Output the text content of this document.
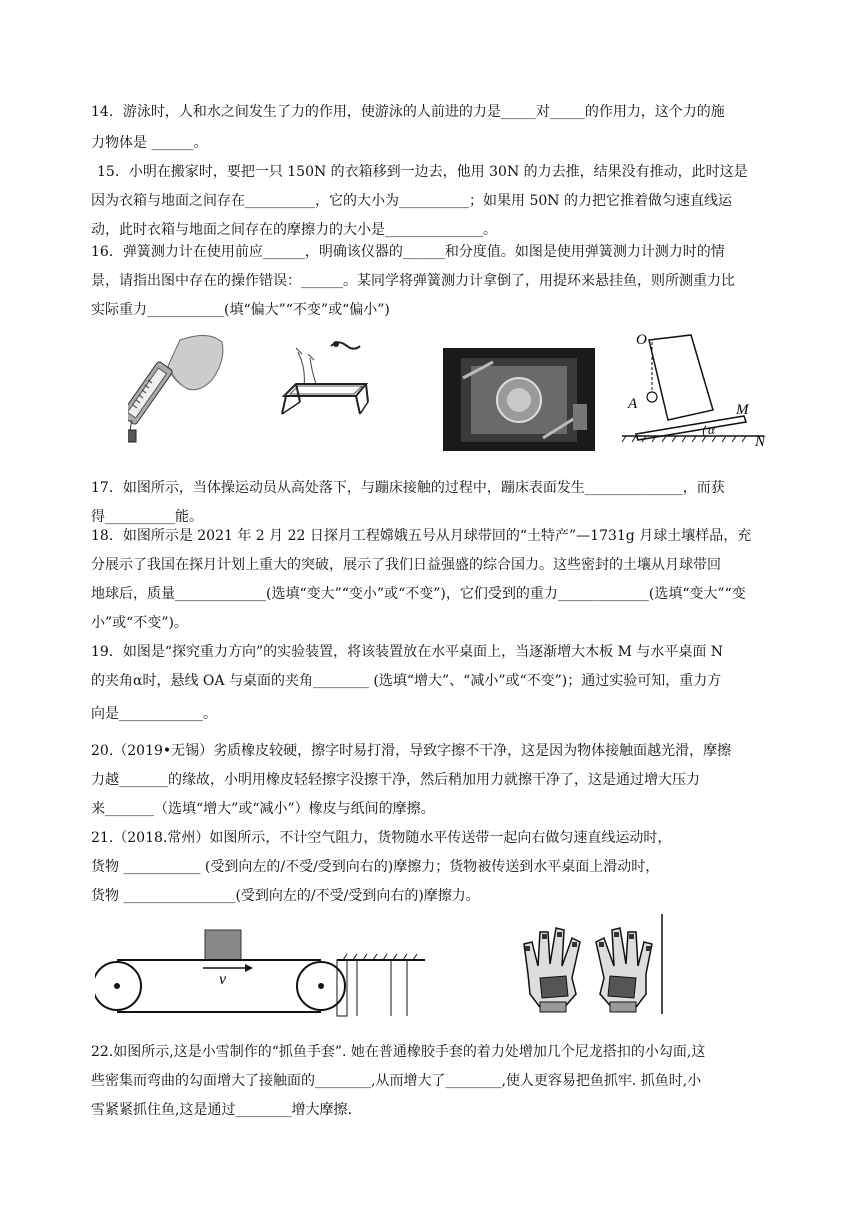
14．游泳时，人和水之间发生了力的作用，使游泳的人前进的力是_____对_____的作用力，这个力的施
力物体是 ______。
15．小明在搬家时，要把一只 150N 的衣箱移到一边去，他用 30N 的力去推，结果没有推动，此时这是
因为衣箱与地面之间存在__________，它的大小为__________；如果用 50N 的力把它推着做匀速直线运
动，此时衣箱与地面之间存在的摩擦力的大小是______________。
16．弹簧测力计在使用前应______，明确该仪器的______和分度值。如图是使用弹簧测力计测力时的情
景，请指出图中存在的操作错误：______。某同学将弹簧测力计拿倒了，用提环来悬挂鱼，则所测重力比
实际重力___________(填“偏大”“不变”或“偏小”)
O
A	M
N
α
17．如图所示，当体操运动员从高处落下，与蹦床接触的过程中，蹦床表面发生______________，而获
得__________能。
18．如图所示是 2021 年 2 月 22 日探月工程嫦娥五号从月球带回的“土特产”—1731g 月球土壤样品，充
分展示了我国在探月计划上重大的突破，展示了我们日益强盛的综合国力。这些密封的土壤从月球带回
地球后，质量_____________(选填“变大”“变小”或“不变”)，它们受到的重力_____________(选填“变大”“变
小”或“不变”)。
19．如图是“探究重力方向”的实验装置，将该装置放在水平桌面上，当逐渐增大木板 M 与水平桌面 N
的夹角α时，悬线 OA 与桌面的夹角________ (选填“增大”、“减小”或“不变”)；通过实验可知，重力方
向是____________。
20.（2019•无锡）劣质橡皮较硬，擦字时易打滑，导致字擦不干净，这是因为物体接触面越光滑，摩擦
力越_______的缘故，小明用橡皮轻轻擦字没擦干净，然后稍加用力就擦干净了，这是通过增大压力
来_______（选填“增大”或“减小”）橡皮与纸间的摩擦。
21.（2018.常州）如图所示，不计空气阻力，货物随水平传送带一起向右做匀速直线运动时，
货物 ___________ (受到向左的/不受/受到向右的)摩擦力；货物被传送到水平桌面上滑动时，
货物 ________________(受到向左的/不受/受到向右的)摩擦力。
v
22.如图所示,这是小雪制作的“抓鱼手套”. 她在普通橡胶手套的着力处增加几个尼龙搭扣的小勾面,这
些密集而弯曲的勾面增大了接触面的________,从而增大了________,使人更容易把鱼抓牢. 抓鱼时,小
雪紧紧抓住鱼,这是通过________增大摩擦.
